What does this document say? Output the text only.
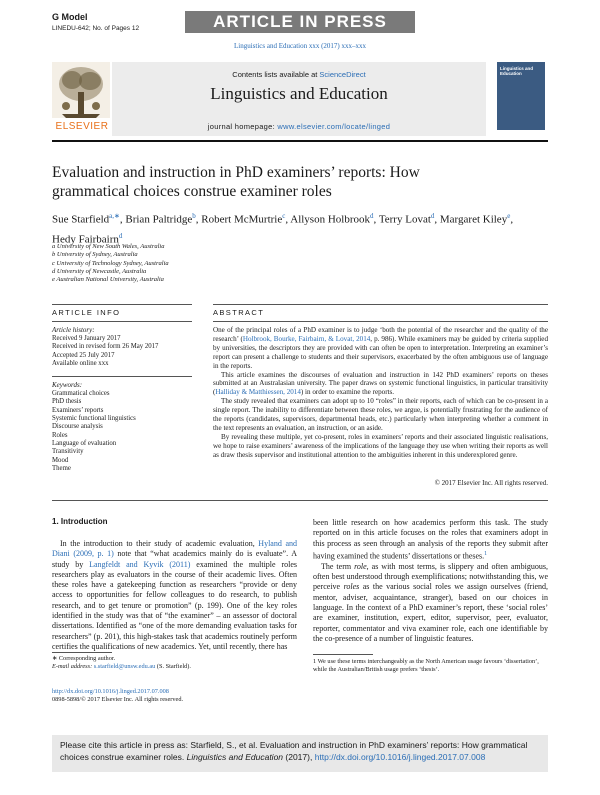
G Model
LINEDU-642; No. of Pages 12	ARTICLE IN PRESS
Linguistics and Education xxx (2017) xxx–xxx
Contents lists available at ScienceDirect
Linguistics and Education
journal homepage: www.elsevier.com/locate/linged
ELSEVIER
Linguistics and Education
Evaluation and instruction in PhD examiners’ reports: How
grammatical choices construe examiner roles
Sue Starfield$^{a,∗}$, Brian Paltridge$^b$, Robert McMurtrie$^c$, Allyson Holbrook$^d$, Terry Lovat$^d$, Margaret Kiley$^e$, Hedy Fairbairn$^d$
a University of New South Wales, Australia
b University of Sydney, Australia
c University of Technology Sydney, Australia
d University of Newcastle, Australia
e Australian National University, Australia
ARTICLE INFO	ABSTRACT
Article history:
Received 9 January 2017
Received in revised form 26 May 2017
Accepted 25 July 2017
Available online xxx
Keywords:
Grammatical choices
PhD thesis
Examiners’ reports
Systemic functional linguistics
Discourse analysis
Roles
Language of evaluation
Transitivity
Mood
Theme

One of the principal roles of a PhD examiner is to judge ‘both the potential of the researcher and the quality of the research’ (Holbrook, Bourke, Fairbairn, & Lovat, 2014, p. 986). While examiners may be guided by criteria supplied by universities, the descriptors they are provided with can often be open to interpretation. Interpreting an examiner’s report can present a challenge to students and their supervisors, exacerbated by the often ambiguous use of language in the reports.

This article examines the discourses of evaluation and instruction in 142 PhD examiners’ reports on theses submitted at an Australasian university. The paper draws on systemic functional linguistics, in particular transitivity (Halliday & Matthiessen, 2014) in order to examine the reports.

The study revealed that examiners can adopt up to 10 “roles” in their reports, each of which can be co-present in a single report. The inability to differentiate between these roles, we argue, is potentially frustrating for the audience of the reports (candidates, supervisors, departmental heads, etc.) particularly when interpreting whether a comment in the text represents an evaluation, an instruction, or an aside.

By revealing these multiple, yet co-present, roles in examiners’ reports and their associated linguistic realisations, we hope to raise examiners’ awareness of the implications of the language they use when writing their reports as well as draw thesis supervisor and institutional attention to the ambiguities inherent in this underexplored genre.

© 2017 Elsevier Inc. All rights reserved.
1. Introduction

In the introduction to their study of academic evaluation, Hyland and Diani (2009, p. 1) note that “what academics mainly do is evaluate”. A study by Langfeldt and Kyvik (2011) examined the multiple roles researchers play as evaluators in the course of their academic lives. Often these roles have a gatekeeping function as researchers “provide or deny access to opportunities for fellow colleagues to do research, to publish research, and to get tenure or promotion” (p. 199). One of the key roles identified in the study was that of “the examiner” – an assessor of doctoral dissertations. Identified as “one of the more demanding evaluation tasks for researchers” (p. 201), this high-stakes task that academics routinely perform certifies the qualifications of new academics. Yet, until recently, there has

been little research on how academics perform this task. The study reported on in this article focuses on the roles that examiners adopt in this process as seen through an analysis of the reports they submit after having examined the students’ dissertations or theses.$^1$

The term role, as with most terms, is slippery and often ambiguous, often best understood through exemplifications; notwithstanding this, we perceive roles as the various social roles we assign ourselves (friend, mentor, adviser, acquaintance, stranger), based on our choices in language. In the context of a PhD examiner’s report, these ‘social roles’ are examiner, institution, expert, editor, supervisor, peer, evaluator, reporter, commentator and viva examiner role, each one identifiable by the co-presence of a number of linguistic features.

∗ Corresponding author.
E-mail address: s.starfield@unsw.edu.au (S. Starfield).
1 We use these terms interchangeably as the North American usage favours ‘dissertation’, while the Australian/British usage prefers ‘thesis’.
http://dx.doi.org/10.1016/j.linged.2017.07.008
0898-5898/© 2017 Elsevier Inc. All rights reserved.
Please cite this article in press as: Starfield, S., et al. Evaluation and instruction in PhD examiners’ reports: How grammatical choices construe examiner roles. Linguistics and Education (2017), http://dx.doi.org/10.1016/j.linged.2017.07.008
